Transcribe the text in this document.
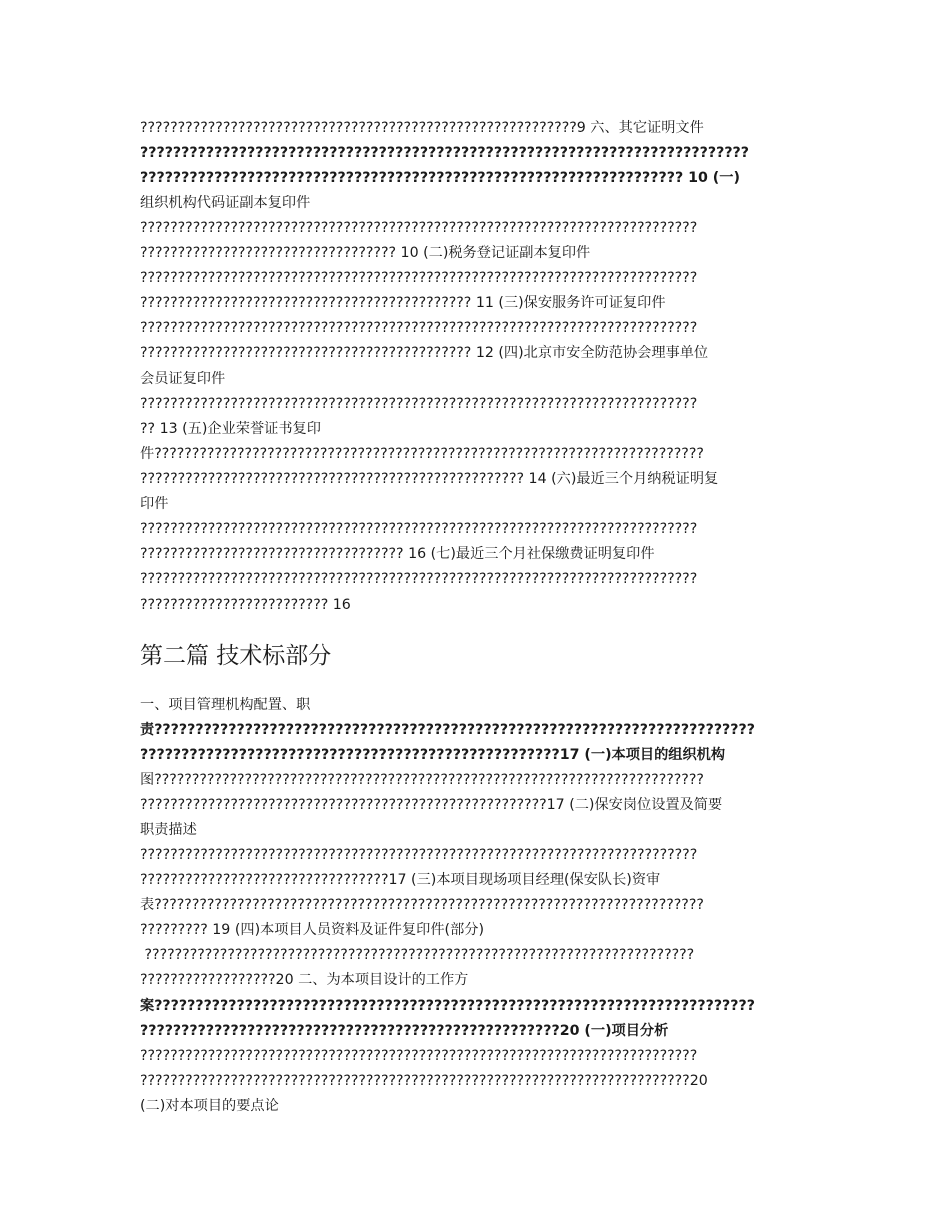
??????????????????????????????????????????????????????????9 六、其它证明文件
??????????????????????????????????????????????????????????????????????????
?????????????????????????????????????????????????????????????????? 10 (一)
组织机构代码证副本复印件
??????????????????????????????????????????????????????????????????????????
?????????????????????????????????? 10 (二)税务登记证副本复印件
??????????????????????????????????????????????????????????????????????????
???????????????????????????????????????????? 11 (三)保安服务许可证复印件
??????????????????????????????????????????????????????????????????????????
???????????????????????????????????????????? 12 (四)北京市安全防范协会理事单位
会员证复印件
??????????????????????????????????????????????????????????????????????????
?? 13 (五)企业荣誉证书复印
件?????????????????????????????????????????????????????????????????????????
??????????????????????????????????????????????????? 14 (六)最近三个月纳税证明复
印件
??????????????????????????????????????????????????????????????????????????
??????????????????????????????????? 16 (七)最近三个月社保缴费证明复印件
??????????????????????????????????????????????????????????????????????????
????????????????????????? 16
第二篇 技术标部分
一、项目管理机构配置、职
责?????????????????????????????????????????????????????????????????????????
???????????????????????????????????????????????????17 (一)本项目的组织机构
图?????????????????????????????????????????????????????????????????????????
??????????????????????????????????????????????????????17 (二)保安岗位设置及简要
职责描述
??????????????????????????????????????????????????????????????????????????
?????????????????????????????????17 (三)本项目现场项目经理(保安队长)资审
表?????????????????????????????????????????????????????????????????????????
????????? 19 (四)本项目人员资料及证件复印件(部分)
?????????????????????????????????????????????????????????????????????????
??????????????????20 二、为本项目设计的工作方
案?????????????????????????????????????????????????????????????????????????
???????????????????????????????????????????????????20 (一)项目分析
??????????????????????????????????????????????????????????????????????????
?????????????????????????????????????????????????????????????????????????20
(二)对本项目的要点论
